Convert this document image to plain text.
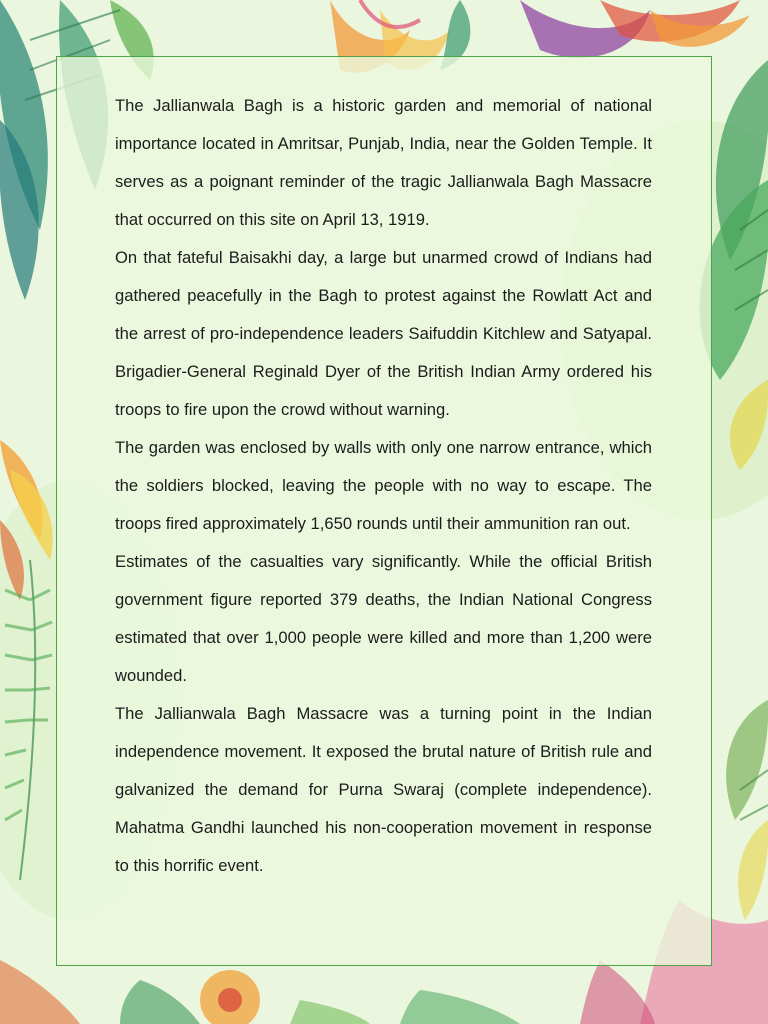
The Jallianwala Bagh is a historic garden and memorial of national importance located in Amritsar, Punjab, India, near the Golden Temple. It serves as a poignant reminder of the tragic Jallianwala Bagh Massacre that occurred on this site on April 13, 1919.

On that fateful Baisakhi day, a large but unarmed crowd of Indians had gathered peacefully in the Bagh to protest against the Rowlatt Act and the arrest of pro-independence leaders Saifuddin Kitchlew and Satyapal. Brigadier-General Reginald Dyer of the British Indian Army ordered his troops to fire upon the crowd without warning.

The garden was enclosed by walls with only one narrow entrance, which the soldiers blocked, leaving the people with no way to escape. The troops fired approximately 1,650 rounds until their ammunition ran out.

Estimates of the casualties vary significantly. While the official British government figure reported 379 deaths, the Indian National Congress estimated that over 1,000 people were killed and more than 1,200 were wounded.

The Jallianwala Bagh Massacre was a turning point in the Indian independence movement. It exposed the brutal nature of British rule and galvanized the demand for Purna Swaraj (complete independence). Mahatma Gandhi launched his non-cooperation movement in response to this horrific event.
